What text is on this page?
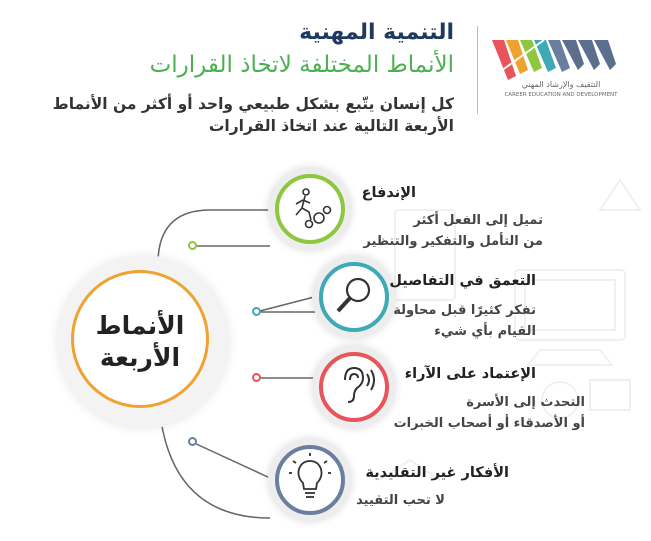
التنمية المهنية
الأنماط المختلفة لاتخاذ القرارات
كل إنسان يتّبع بشكل طبيعي واحد أو أكثر من الأنماط الأربعة التالية عند اتخاذ القرارات
التثقيف والإرشاد المهني
CAREER EDUCATION AND DEVELOPMENT
الأنماط
الأربعة
الإندفاع
تميل إلى الفعل أكثر
من التأمل والتفكير والتنظير
التعمق في التفاصيل
تفكر كثيرًا قبل محاولة
القيام بأي شيء
الإعتماد على الآراء
التحدث إلى الأسرة
أو الأصدقاء أو أصحاب الخبرات
الأفكار غير التقليدية
لا تحب التقييد
